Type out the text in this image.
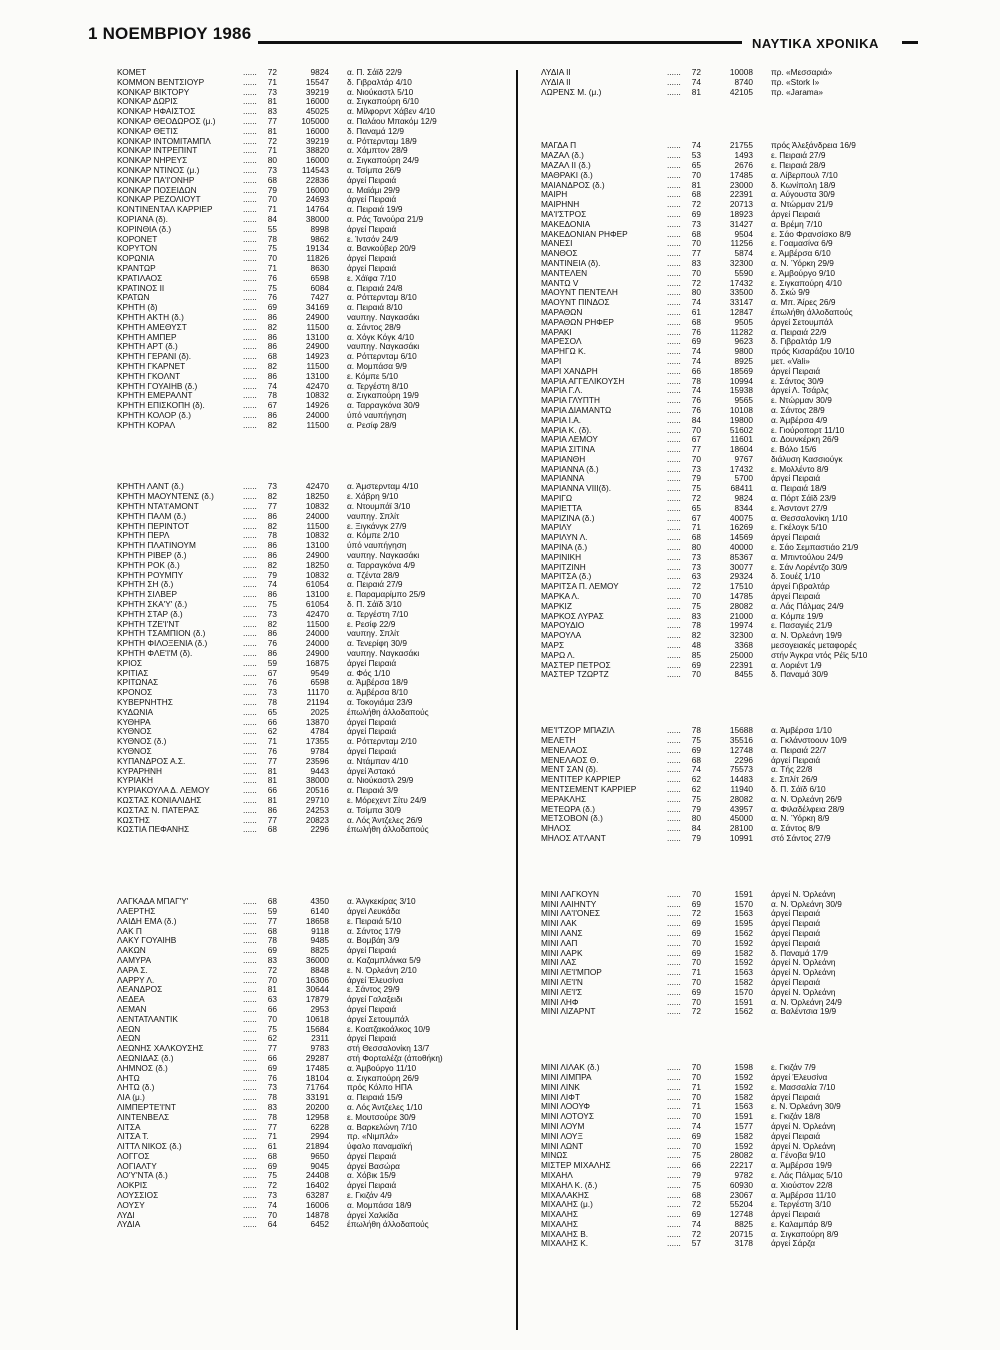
1 ΝΟΕΜΒΡΙΟΥ 1986
ΝΑΥΤΙΚΑ ΧΡΟΝΙΚΑ
ΚΟΜΕΤ	......	72	9824	α. Π. Σάϊδ 22/9
ΚΟΜΜΟΝ ΒΕΝΤΣΙΟΥΡ	......	71	15547	δ. Γιβραλτάρ 4/10
ΚΟΝΚΑΡ ΒΙΚΤΟΡΥ	......	73	39219	α. Νιούκαστλ 5/10
ΚΟΝΚΑΡ ΔΩΡΙΣ	......	81	16000	α. Σιγκαπούρη 6/10
ΚΟΝΚΑΡ ΗΦΑΙΣΤΟΣ	......	83	45025	α. Μίλφορντ Χάβεν 4/10
ΚΟΝΚΑΡ ΘΕΟΔΩΡΟΣ (μ.)	......	77	105000	α. Παλάου Μπακόμ 12/9
ΚΟΝΚΑΡ ΘΕΤΙΣ	......	81	16000	δ. Παναμά 12/9
ΚΟΝΚΑΡ ΙΝΤΟΜΙΤΑΜΠΛ	......	72	39219	α. Ρόττερνταμ 18/9
ΚΟΝΚΑΡ ΙΝΤΡΕΠΙΝΤ	......	71	38820	α. Χάμπτον 28/9
ΚΟΝΚΑΡ ΝΗΡΕΥΣ	......	80	16000	α. Σιγκαπούρη 24/9
ΚΟΝΚΑΡ ΝΤΙΝΟΣ (μ.)	......	73	114543	α. Τσίμπα 26/9
ΚΟΝΚΑΡ ΠΑ'Ι'ΟΝΗΡ	......	68	22836	άργεί Πειραιά
ΚΟΝΚΑΡ ΠΟΣΕΙΔΩΝ	......	79	16000	α. Μαϊάμι 29/9
ΚΟΝΚΑΡ ΡΕΖΟΛΙΟΥΤ	......	70	24693	άργεί Πειραιά
ΚΟΝΤΙΝΕΝΤΑΛ ΚΑΡΡΙΕΡ	......	71	14764	α. Πειραιά 19/9
ΚΟΡΙΑΝΑ (δ).	......	84	38000	α. Ράς Τανούρα 21/9
ΚΟΡΙΝΘΙΑ (δ.)	......	55	8998	άργεί Πειραιά
ΚΟΡΟΝΕΤ	......	78	9862	ε. Ίντσόν 24/9
ΚΟΡΥΤΟΝ	......	75	19134	α. Βανκούβερ 20/9
ΚΟΡΩΝΙΑ	......	70	11826	άργεί Πειραιά
ΚΡΑΝΤΩΡ	......	71	8630	άργεί Πειραιά
ΚΡΑΤΙΛΑΟΣ	......	76	6598	ε. Χάϊφα 7/10
ΚΡΑΤΙΝΟΣ ΙΙ	......	75	6084	α. Πειραιά 24/8
ΚΡΑΤΩΝ	......	76	7427	α. Ρόττερνταμ 8/10
ΚΡΗΤΗ (δ)	......	69	34169	α. Πειραιά 8/10
ΚΡΗΤΗ ΑΚΤΗ (δ.)	......	86	24900	ναυπηγ. Ναγκασάκι
ΚΡΗΤΗ ΑΜΕΘΥΣΤ	......	82	11500	α. Σάντος 28/9
ΚΡΗΤΗ ΑΜΠΕΡ	......	86	13100	α. Χόγκ Κόγκ 4/10
ΚΡΗΤΗ ΑΡΤ (δ.)	......	86	24900	ναυπηγ. Ναγκασάκι
ΚΡΗΤΗ ΓΕΡΑΝΙ (δ).	......	68	14923	α. Ρόττερνταμ 6/10
ΚΡΗΤΗ ΓΚΑΡΝΕΤ	......	82	11500	α. Μομπάσα 9/9
ΚΡΗΤΗ ΓΚΟΛΝΤ	......	86	13100	ε. Κόμπε 5/10
ΚΡΗΤΗ ΓΟΥΑΙΗΒ (δ.)	......	74	42470	α. Τεργέστη 8/10
ΚΡΗΤΗ ΕΜΕΡΑΛΝΤ	......	78	10832	α. Σιγκαπούρη 19/9
ΚΡΗΤΗ ΕΠΙΣΚΟΠΗ (δ).	......	67	14926	α. Ταρραγκόνα 30/9
ΚΡΗΤΗ ΚΟΛΟΡ (δ.)	......	86	24000	ύπό ναυπήγηση
ΚΡΗΤΗ ΚΟΡΑΛ	......	82	11500	α. Ρεσίφ 28/9
ΚΡΗΤΗ ΛΑΝΤ (δ.)	......	73	42470	α. Άμστερνταμ 4/10
ΚΡΗΤΗ ΜΑΟΥΝΤΕΝΣ (δ.)	......	82	18250	ε. Χάβρη 9/10
ΚΡΗΤΗ ΝΤΑ'Ι'ΑΜΟΝΤ	......	77	10832	α. Ντουμπάϊ 3/10
ΚΡΗΤΗ ΠΑΛΜ (δ.)	......	86	24000	ναυπηγ. Σπλίτ
ΚΡΗΤΗ ΠΕΡΙΝΤΟΤ	......	82	11500	ε. Ξιγκάνγκ 27/9
ΚΡΗΤΗ ΠΕΡΛ	......	78	10832	α. Κόμπε 2/10
ΚΡΗΤΗ ΠΛΑΤΙΝΟΥΜ	......	86	13100	ύπό ναυπήγηση
ΚΡΗΤΗ ΡΙΒΕΡ (δ.)	......	86	24900	ναυπηγ. Ναγκασάκι
ΚΡΗΤΗ ΡΟΚ (δ.)	......	82	18250	α. Ταρραγκόνα 4/9
ΚΡΗΤΗ ΡΟΥΜΠΥ	......	79	10832	α. Τζέντα 28/9
ΚΡΗΤΗ ΣΗ (δ.)	......	74	61054	α. Πειραιά 27/9
ΚΡΗΤΗ ΣΙΛΒΕΡ	......	86	13100	ε. Παραμαρίμπο 25/9
ΚΡΗΤΗ ΣΚΑ'Υ' (δ.)	......	75	61054	δ. Π. Σάϊδ 3/10
ΚΡΗΤΗ ΣΤΑΡ (δ.)	......	73	42470	α. Τεργέστη 7/10
ΚΡΗΤΗ ΤΖΕ'Ι'ΝΤ	......	82	11500	ε. Ρεσίφ 22/9
ΚΡΗΤΗ ΤΣΑΜΠΙΟΝ (δ.)	......	86	24000	ναυπηγ. Σπλίτ
ΚΡΗΤΗ ΦΙΛΟΞΕΝΙΑ (δ.)	......	76	24000	α. Τενερίφη 30/9
ΚΡΗΤΗ ΦΛΕ'Ι'Μ (δ).	......	86	24900	ναυπηγ. Ναγκασάκι
ΚΡΙΟΣ	......	59	16875	άργεί Πειραιά
ΚΡΙΤΙΑΣ	......	67	9549	α. Φός 1/10
ΚΡΙΤΩΝΑΣ	......	76	6598	α. Άμβέρσα 18/9
ΚΡΟΝΟΣ	......	73	11170	α. Άμβέρσα 8/10
ΚΥΒΕΡΝΗΤΗΣ	......	78	21194	α. Τοκογιάμα 23/9
ΚΥΔΩΝΙΑ	......	65	2025	έπωλήθη άλλοδαπούς
ΚΥΘΗΡΑ	......	66	13870	άργεί Πειραιά
ΚΥΘΝΟΣ	......	62	4784	άργεί Πειραιά
ΚΥΘΝΟΣ (δ.)	......	71	17355	α. Ρόττερνταμ 2/10
ΚΥΘΝΟΣ	......	76	9784	άργεί Πειραιά
ΚΥΠΑΝΔΡΟΣ Α.Σ.	......	77	23596	α. Ντάμπαν 4/10
ΚΥΡΑΡΗΝΗ	......	81	9443	άργεί Άστακό
ΚΥΡΙΑΚΗ	......	81	38000	α. Νιούκαστλ 29/9
ΚΥΡΙΑΚΟΥΛΑ Δ. ΛΕΜΟΥ	......	66	20516	α. Πειραιά 3/9
ΚΩΣΤΑΣ ΚΟΝΙΑΛΙΔΗΣ	......	81	29710	ε. Μόρεχεντ Σίτυ 24/9
ΚΩΣΤΑΣ Ν. ΠΑΤΕΡΑΣ	......	86	24253	α. Τσίμπα 30/9
ΚΩΣΤΗΣ	......	77	20823	α. Λός Άντζελες 26/9
ΚΩΣΤΙΑ ΠΕΦΑΝΗΣ	......	68	2296	έπωλήθη άλλοδαπούς
ΛΑΓΚΑΔΑ ΜΠΑΓ'Υ'	......	68	4350	α. Άλγκεκίρας 3/10
ΛΑΕΡΤΗΣ	......	59	6140	άργεί Λευκάδα
ΛΑΙΔΗ ΕΜΑ (δ.)	......	77	18658	ε. Πειραιά 5/10
ΛΑΚ Π	......	68	9118	α. Σάντος 17/9
ΛΑΚΥ ΓΟΥΑΙΗΒ	......	78	9485	α. Βομβάη 3/9
ΛΑΚΩΝ	......	69	8825	άργεί Πειραιά
ΛΑΜΥΡΑ	......	83	36000	α. Καζαμπλάνκα 5/9
ΛΑΡΑ Σ.	......	72	8848	ε. Ν. Όρλεάνη 2/10
ΛΑΡΡΥ Λ.	......	70	16306	άργεί Έλευσίνα
ΛΕΑΝΔΡΟΣ	......	81	30644	ε. Σάντος 29/9
ΛΕΔΕΑ	......	63	17879	άργεί Γαλαξειδι
ΛΕΜΑΝ	......	66	2953	άργεί Πειραιά
ΛΕΝΤΑΤΛΑΝΤΙΚ	......	70	10618	άργεί Σετουμπάλ
ΛΕΩΝ	......	75	15684	ε. Κοατζακοάλκος 10/9
ΛΕΩΝ	......	62	2311	άργεί Πειραιά
ΛΕΩΝΗΣ ΧΑΛΚΟΥΣΗΣ	......	77	9783	στή Θεσσαλονίκη 13/7
ΛΕΩΝΙΔΑΣ (δ.)	......	66	29287	στή Φορταλέζα (άποθήκη)
ΛΗΜΝΟΣ (δ.)	......	69	17485	α. Άμβούργο 11/10
ΛΗΤΩ	......	76	18104	α. Σιγκαπούρη 26/9
ΛΗΤΩ (δ.)	......	73	71764	πρός Κόλπο ΗΠΑ
ΛΙΑ (μ.)	......	78	33191	α. Πειραιά 15/9
ΛΙΜΠΕΡΤΕ'Ι'ΝΤ	......	83	20200	α. Λός Άντζελες 1/10
ΛΙΝΤΕΝΒΕΛΣ	......	78	12958	ε. Μουτσούρε 30/9
ΛΙΤΣΑ	......	77	6228	α. Βαρκελώνη 7/10
ΛΙΤΣΑ Τ.	......	71	2994	πρ. «Νιμπλά»
ΛΙΤΤΛ ΝΙΚΟΣ (δ.)	......	61	21894	ύφαλο παναμαϊκή
ΛΟΓΓΟΣ	......	68	9650	άργεί Πειραιά
ΛΟΓΙΑΛΤΥ	......	69	9045	άργεί Βασώρα
ΛΟ'Υ'ΝΤΑ (δ.)	......	75	24408	α. Χόβικ 15/9
ΛΟΚΡΙΣ	......	72	16402	άργεί Πειραιά
ΛΟΥΣΣΙΟΣ	......	73	63287	ε. Γκιζάν 4/9
ΛΟΥΣΥ	......	74	16006	α. Μομπάσα 18/9
ΛΥΔΙ	......	70	14878	άργεί Χαλκίδα
ΛΥΔΙΑ	......	64	6452	έπωλήθη άλλοδαπούς
ΛΥΔΙΑ ΙΙ	......	72	10008	πρ. «Μεσσαριά»
ΛΥΔΙΑ ΙΙ	......	74	8740	πρ. «Stork I»
ΛΩΡΕΝΣ Μ. (μ.)	......	81	42105	πρ. «Jarama»
ΜΑΓΔΑ Π	......	74	21755	πρός Άλεξάνδρεια 16/9
ΜΑΖΑΛ (δ.)	......	53	1493	ε. Πειραιά 27/9
ΜΑΖΑΛ ΙΙ (δ.)	......	65	2676	ε. Πειραιά 28/9
ΜΑΘΡΑΚΙ (δ.)	......	70	17485	α. Λίβερπουλ 7/10
ΜΑΙΑΝΔΡΟΣ (δ.)	......	81	23000	δ. Κωνίπολη 18/9
ΜΑΙΡΗ	......	68	22391	α. Αύγουστα 30/9
ΜΑΙΡΗΝΗ	......	72	20713	α. Ντώρμαν 21/9
ΜΑ'Ι'ΣΤΡΟΣ	......	69	18923	άργεί Πειραιά
ΜΑΚΕΔΟΝΙΑ	......	73	31427	α. Βρέμη 7/10
ΜΑΚΕΔΟΝΙΑΝ ΡΗΦΕΡ	......	68	9504	ε. Σάο Φρανσίσκο 8/9
ΜΑΝΕΣΙ	......	70	11256	ε. Γοαμασίνα 6/9
ΜΑΝΘΟΣ	......	77	5874	ε. Άμβέρσα 6/10
ΜΑΝΤΙΝΕΙΑ (δ).	......	83	32300	α. Ν. Ύόρκη 29/9
ΜΑΝΤΕΛΕΝ	......	70	5590	ε. Άμβούργο 9/10
ΜΑΝΤΩ V	......	72	17432	ε. Σιγκαπούρη 4/10
ΜΑΟΥΝΤ ΠΕΝΤΕΛΗ	......	80	33500	δ. Σκώ 9/9
ΜΑΟΥΝΤ ΠΙΝΔΟΣ	......	74	33147	α. Μπ. Άίρες 26/9
ΜΑΡΑΘΩΝ	......	61	12847	έπωλήθη άλλοδαπούς
ΜΑΡΑΘΩΝ ΡΗΦΕΡ	......	68	9505	άργεί Σετουμπάλ
ΜΑΡΑΚΙ	......	76	11282	α. Πειραιά 22/9
ΜΑΡΕΣΟΛ	......	69	9623	δ. Γιβραλτάρ 1/9
ΜΑΡΗΓΩ Κ.	......	74	9800	πρός Κισαράζου 10/10
ΜΑΡΙ	......	74	8925	μετ. «Vali»
ΜΑΡΙ ΧΑΝΔΡΗ	......	66	18569	άργεί Πειραιά
ΜΑΡΙΑ ΑΓΓΕΛΙΚΟΥΣΗ	......	78	10994	ε. Σάντος 30/9
ΜΑΡΙΑ Γ.Λ.	......	74	15938	άργεί Λ. Τσάρλς
ΜΑΡΙΑ ΓΛΥΠΤΗ	......	76	9565	ε. Ντώρμαν 30/9
ΜΑΡΙΑ ΔΙΑΜΑΝΤΩ	......	76	10108	α. Σάντος 28/9
ΜΑΡΙΑ Ι.Α.	......	84	19800	α. Άμβέρσα 4/9
ΜΑΡΙΑ Κ. (δ).	......	70	51602	ε. Γιούροπορτ 11/10
ΜΑΡΙΑ ΛΕΜΟΥ	......	67	11601	α. Δουνκέρκη 26/9
ΜΑΡΙΑ ΣΙΤΙΝΑ	......	77	18604	ε. Βόλο 15/6
ΜΑΡΙΑΝΘΗ	......	70	9767	διάλυση Κασσιούγκ
ΜΑΡΙΑΝΝΑ (δ.)	......	73	17432	ε. Μολλέντο 8/9
ΜΑΡΙΑΝΝΑ	......	79	5700	άργεί Πειραιά
ΜΑΡΙΑΝΝΑ VIII(δ).	......	75	68411	α. Πειραιά 18/9
ΜΑΡΙΓΩ	......	72	9824	α. Πόρτ Σάϊδ 23/9
ΜΑΡΙΕΤΤΑ	......	65	8344	ε. Άσντοντ 27/9
ΜΑΡΙΖΙΝΑ (δ.)	......	67	40075	α. Θεσσαλονίκη 1/10
ΜΑΡΙΛΥ	......	71	16269	ε. Γκέλογκ 5/10
ΜΑΡΙΛΥΝ Λ.	......	68	14569	άργεί Πειραιά
ΜΑΡΙΝΑ (δ.)	......	80	40000	ε. Σάο Σεμπαστιάο 21/9
ΜΑΡΙΝΙΚΗ	......	73	85367	α. Μπιντούλου 24/9
ΜΑΡΙΤΖΙΝΗ	......	73	30077	ε. Σάν Λορέντζο 30/9
ΜΑΡΙΤΣΑ (δ.)	......	63	29324	δ. Σουέζ 1/10
ΜΑΡΙΤΣΑ Π. ΛΕΜΟΥ	......	72	17510	άργεί Γιβραλτάρ
ΜΑΡΚΑ Λ.	......	70	14785	άργεί Πειραιά
ΜΑΡΚΙΖ	......	75	28082	α. Λάς Πάλμας 24/9
ΜΑΡΚΟΣ ΛΥΡΑΣ	......	83	21000	α. Κόμπε 19/9
ΜΑΡΟΥΔΙΟ	......	78	19974	ε. Πασαγιές 21/9
ΜΑΡΟΥΛΑ	......	82	32300	α. Ν. Όρλεάνη 19/9
ΜΑΡΣ	......	48	3368	μεσογειακές μεταφορές
ΜΑΡΩ Λ.	......	85	25000	στήν Άγκρα ντός Ρέϊς 5/10
ΜΑΣΤΕΡ ΠΕΤΡΟΣ	......	69	22391	α. Λοριέντ 1/9
ΜΑΣΤΕΡ ΤΖΩΡΤΖ	......	70	8455	δ. Παναμά 30/9
ΜΕ'Ι'ΤΖΟΡ ΜΠΑΖΙΛ	......	78	15688	α. Άμβέρσα 1/10
ΜΕΛΕΤΗ	......	75	35516	α. Γκλάνστοουν 10/9
ΜΕΝΕΛΑΟΣ	......	69	12748	α. Πειραιά 22/7
ΜΕΝΕΛΑΟΣ Θ.	......	68	2296	άργεί Πειραιά
ΜΕΝΤ ΣΑΝ (δ).	......	74	75573	α. Τής 22/8
ΜΕΝΤΙΤΕΡ ΚΑΡΡΙΕΡ	......	62	14483	ε. Σπλίτ 26/9
ΜΕΝΤΣΕΜΕΝΤ ΚΑΡΡΙΕΡ	......	62	11940	δ. Π. Σάϊδ 6/10
ΜΕΡΑΚΛΗΣ	......	75	28082	α. Ν. Όρλεάνη 26/9
ΜΕΤΕΩΡΑ (δ.)	......	79	43957	α. Φιλαδέλφεια 28/9
ΜΕΤΣΟΒΟΝ (δ.)	......	80	45000	α. Ν. Ύόρκη 8/9
ΜΗΛΟΣ	......	84	28100	α. Σάντος 8/9
ΜΗΛΟΣ Α'Ι'ΛΑΝΤ	......	79	10991	στό Σάντος 27/9
ΜΙΝΙ ΛΑΓΚΟΥΝ	......	70	1591	άργεί Ν. Όρλεάνη
ΜΙΝΙ ΛΑΙΗΝΤΥ	......	69	1570	α. Ν. Όρλεάνη 30/9
ΜΙΝΙ ΛΑ'Ι'ΟΝΕΣ	......	72	1563	άργεί Πειραιά
ΜΙΝΙ ΛΑΚ	......	69	1595	άργεί Πειραιά
ΜΙΝΙ ΛΑΝΣ	......	69	1562	άργεί Πειραιά
ΜΙΝΙ ΛΑΠ	......	70	1592	άργεί Πειραιά
ΜΙΝΙ ΛΑΡΚ	......	69	1582	δ. Παναμά 17/9
ΜΙΝΙ ΛΑΣ	......	70	1592	άργεί Ν. Όρλεάνη
ΜΙΝΙ ΛΕ'Ι'ΜΠΟΡ	......	71	1563	άργεί Ν. Όρλεάνη
ΜΙΝΙ ΛΕ'Ι'Ν	......	70	1582	άργεί Πειραιά
ΜΙΝΙ ΛΕ'Ι'Σ	......	69	1570	άργεί Ν. Όρλεάνη
ΜΙΝΙ ΛΗΦ	......	70	1591	α. Ν. Όρλεάνη 24/9
ΜΙΝΙ ΛΙΖΑΡΝΤ	......	72	1562	α. Βαλέντσια 19/9
ΜΙΝΙ ΛΙΛΑΚ (δ.)	......	70	1598	ε. Γκιζάν 7/9
ΜΙΝΙ ΛΙΜΠΡΑ	......	70	1592	άργεί Έλευσίνα
ΜΙΝΙ ΛΙΝΚ	......	71	1592	ε. Μασσαλία 7/10
ΜΙΝΙ ΛΙΦΤ	......	70	1582	άργεί Πειραιά
ΜΙΝΙ ΛΟΟΥΦ	......	71	1563	ε. Ν. Όρλεάνη 30/9
ΜΙΝΙ ΛΟΤΟΥΣ	......	70	1591	ε. Γκιζάν 18/8
ΜΙΝΙ ΛΟΥΜ	......	74	1577	άργεί Ν. Όρλεάνη
ΜΙΝΙ ΛΟΥΞ	......	69	1582	άργεί Πειραιά
ΜΙΝΙ ΛΩΝΤ	......	70	1592	άργεί Ν. Όρλεάνη
ΜΙΝΩΣ	......	75	28082	α. Γένοβα 9/10
ΜΙΣΤΕΡ ΜΙΧΑΛΗΣ	......	66	22217	α. Άμβέρσα 19/9
ΜΙΧΑΗΛ	......	79	9782	ε. Λάς Πάλμας 5/10
ΜΙΧΑΗΛ Κ. (δ.)	......	75	60930	α. Χιούστον 22/8
ΜΙΧΑΛΑΚΗΣ	......	68	23067	α. Άμβέρσα 11/10
ΜΙΧΑΛΗΣ (μ.)	......	72	55204	ε. Τεργέστη 3/10
ΜΙΧΑΛΗΣ	......	69	12748	άργεί Πειραιά
ΜΙΧΑΛΗΣ	......	74	8825	ε. Καλαμπάρ 8/9
ΜΙΧΑΛΗΣ Β.	......	72	20715	α. Σιγκαπούρη 8/9
ΜΙΧΑΛΗΣ Κ.	......	57	3178	άργεί Σάρζα
